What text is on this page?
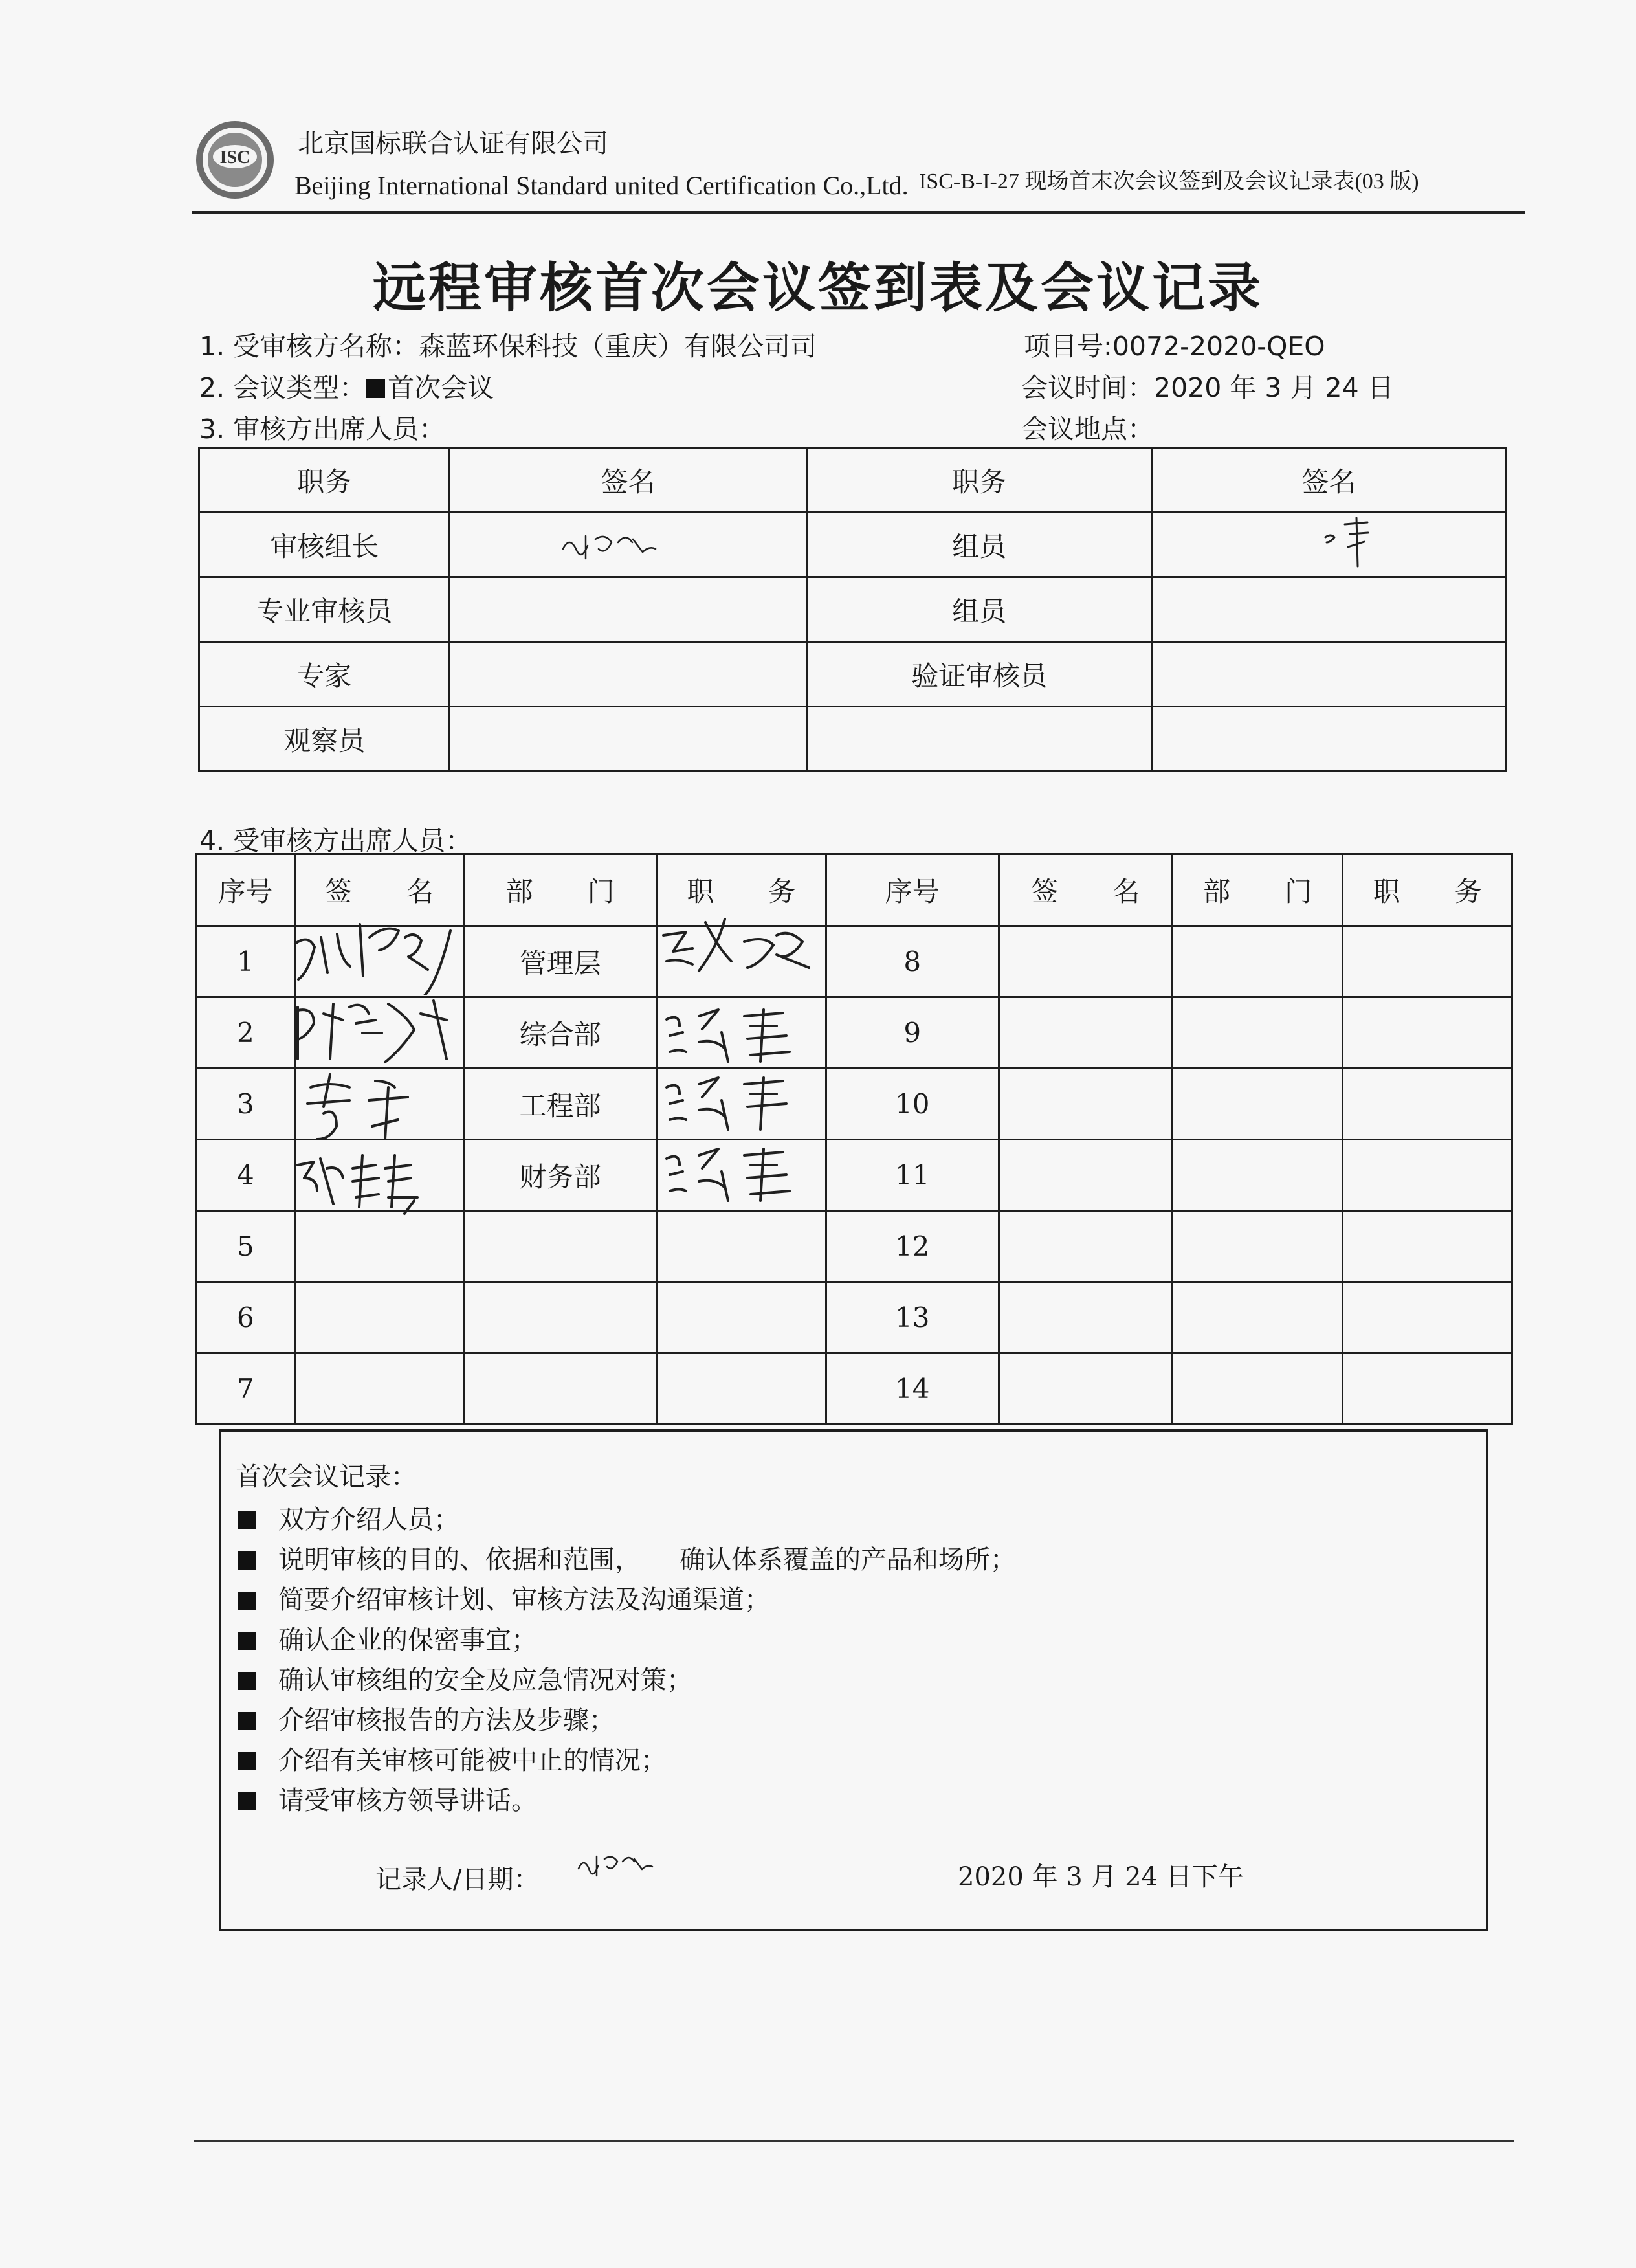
ISC 北京国标联合认证有限公司
Beijing International Standard united Certification Co.,Ltd. ISC-B-I-27 现场首末次会议签到及会议记录表(03 版)
远程审核首次会议签到表及会议记录
1. 受审核方名称：森蓝环保科技（重庆）有限公司司	项目号:0072-2020-QEO
2. 会议类型： 首次会议	会议时间：2020 年 3 月 24 日
3. 审核方出席人员：	会议地点：
职务	签名	职务	签名
审核组长		组员	
专业审核员		组员	
专家		验证审核员	
观察员			
4. 受审核方出席人员：
序号	签　　名	部　　门	职　　务	序号	签　　名	部　　门	职　　务
1		管理层		8			
2		综合部		9			
3		工程部		10			
4		财务部		11			
5				12			
6				13			
7				14			
首次会议记录：
双方介绍人员；
说明审核的目的、依据和范围，　　确认体系覆盖的产品和场所；
简要介绍审核计划、审核方法及沟通渠道；
确认企业的保密事宜；
确认审核组的安全及应急情况对策；
介绍审核报告的方法及步骤；
介绍有关审核可能被中止的情况；
请受审核方领导讲话。
记录人/日期：	2020 年 3 月 24 日下午
